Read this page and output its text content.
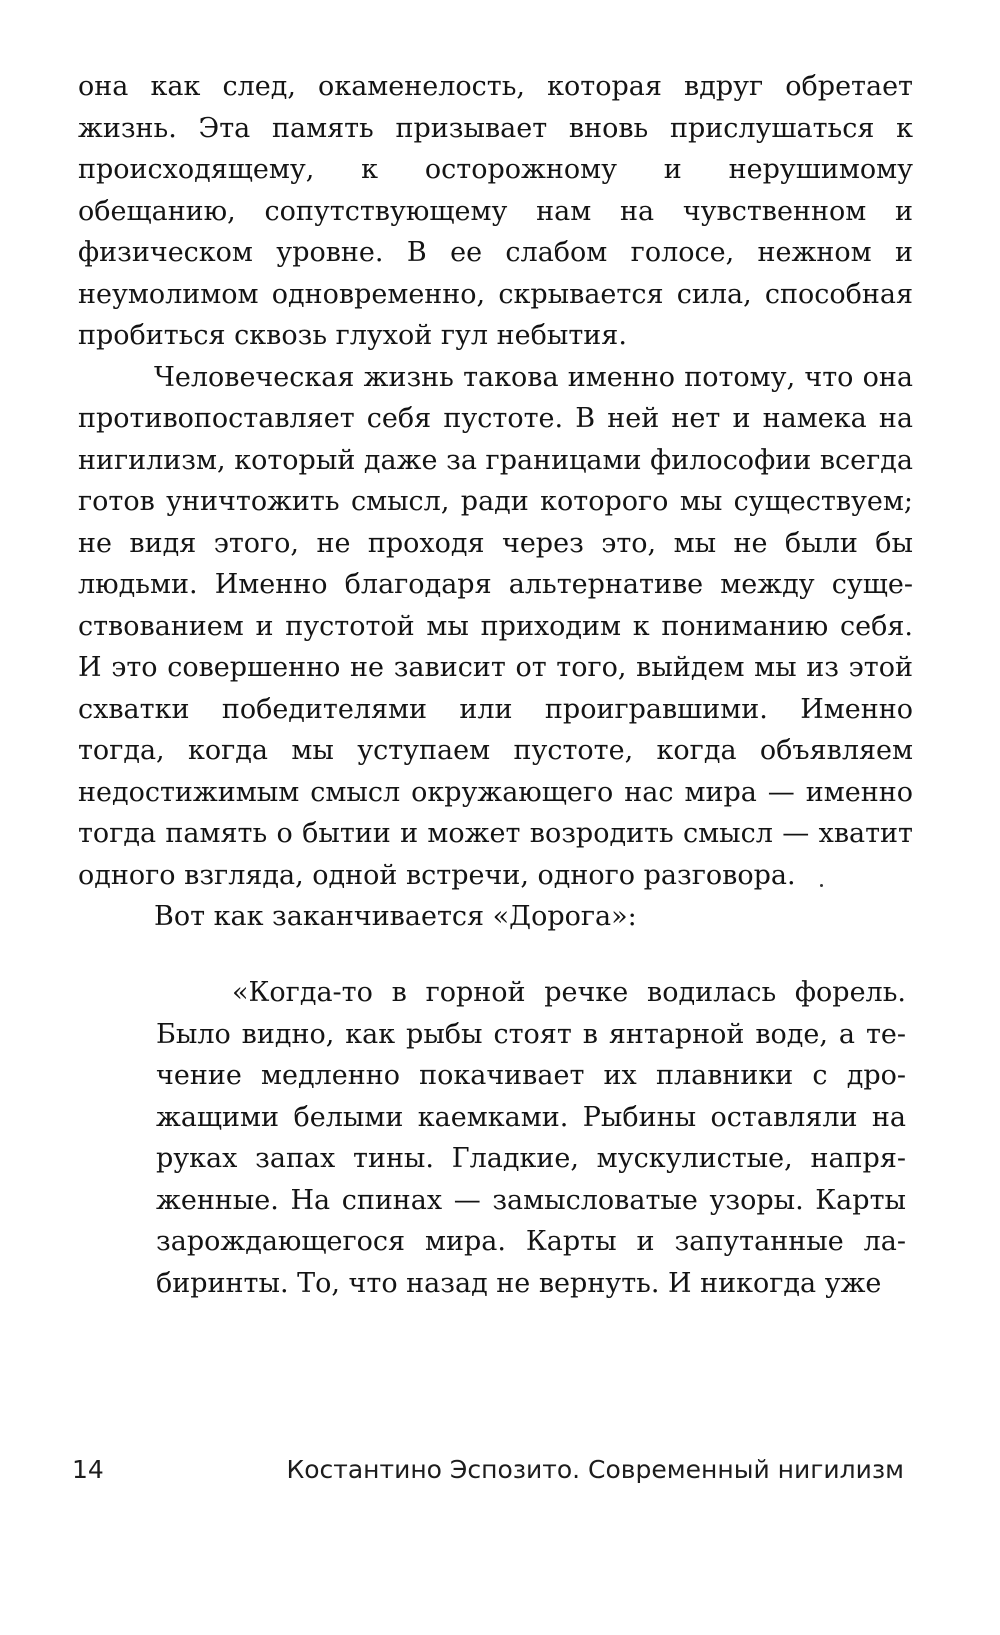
она как след, окаменелость, которая вдруг обретает жизнь. Эта память призывает вновь прислушаться к происходящему, к осторожному и нерушимому обещанию, сопутствующему нам на чувственном и физическом уровне. В ее слабом голосе, нежном и неумолимом одновременно, скрывается сила, способная пробиться сквозь глухой гул небытия.

Человеческая жизнь такова именно потому, что она противопоставляет себя пустоте. В ней нет и намека на нигилизм, который даже за границами философии всегда готов уничтожить смысл, ради которого мы существуем; не видя этого, не проходя через это, мы не были бы людьми. Именно благодаря альтернативе между существованием и пустотой мы приходим к пониманию себя. И это совершенно не зависит от того, выйдем мы из этой схватки победителями или проигравшими. Именно тогда, когда мы уступаем пустоте, когда объявляем недостижимым смысл окружающего нас мира — именно тогда память о бытии и может возродить смысл — хватит одного взгляда, одной встречи, одного разговора.

Вот как заканчивается «Дорога»:

«Когда-то в горной речке водилась форель. Было видно, как рыбы стоят в янтарной воде, а течение медленно покачивает их плавники с дрожащими белыми каемками. Рыбины оставляли на руках запах тины. Гладкие, мускулистые, напряженные. На спинах — замысловатые узоры. Карты зарождающегося мира. Карты и запутанные лабиринты. То, что назад не вернуть. И никогда уже

14	Костантино Эспозито. Современный нигилизм
